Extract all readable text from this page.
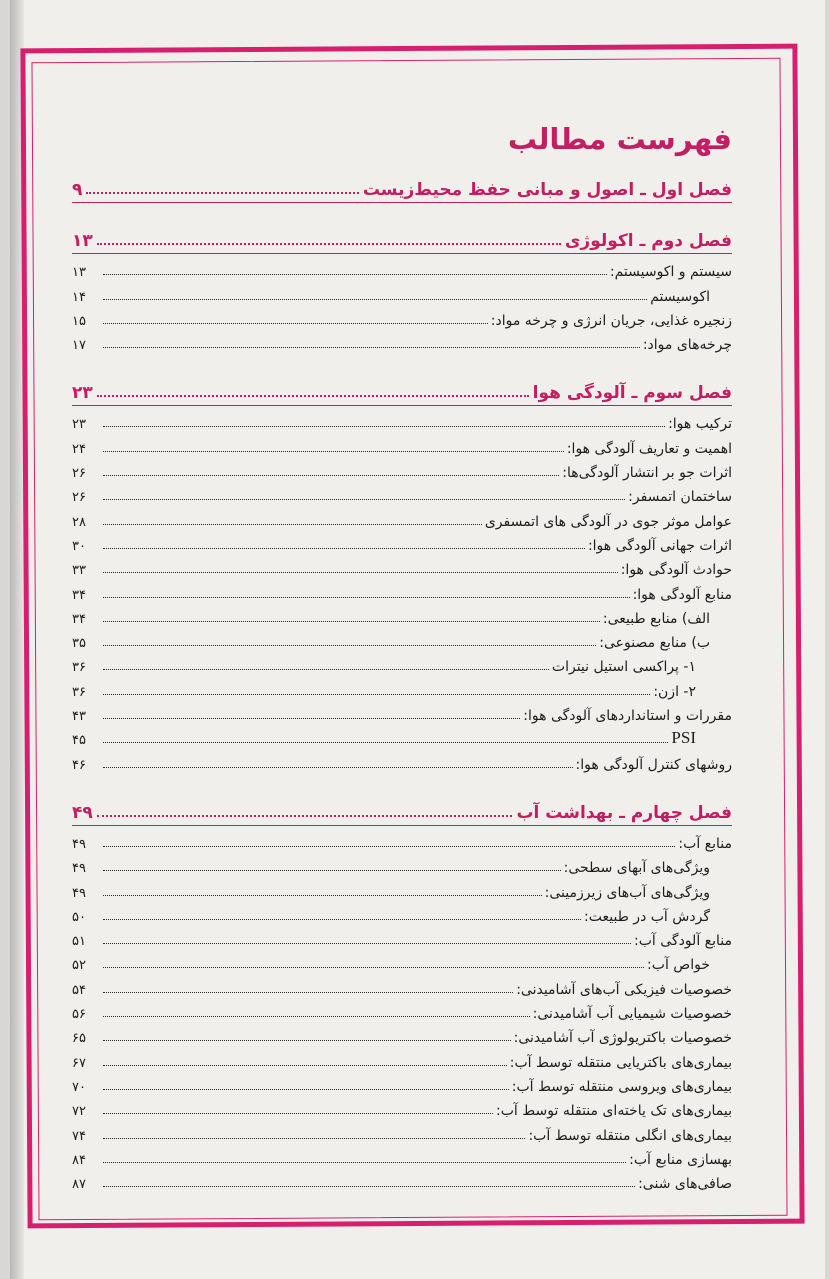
فهرست مطالب
فصل اول ـ اصول و مبانی حفظ محیط‌زیست
۹
فصل دوم ـ اکولوژی
۱۳
سیستم و اکوسیستم:
۱۳
اکوسیستم
۱۴
زنجیره غذایی، جریان انرژی و چرخه مواد:
۱۵
چرخه‌های مواد:
۱۷
فصل سوم ـ آلودگی هوا
۲۳
ترکیب هوا:
۲۳
اهمیت و تعاریف آلودگی هوا:
۲۴
اثرات جو بر انتشار آلودگی‌ها:
۲۶
ساختمان اتمسفر:
۲۶
عوامل موثر جوی در آلودگی های اتمسفری
۲۸
اثرات جهانی آلودگی هوا:
۳۰
حوادث آلودگی هوا:
۳۳
منابع آلودگی هوا:
۳۴
الف) منابع طبیعی:
۳۴
ب) منابع مصنوعی:
۳۵
۱- پراکسی استیل نیترات
۳۶
۲- ازن:
۳۶
مقررات و استانداردهای آلودگی هوا:
۴۳
PSI
۴۵
روشهای کنترل آلودگی هوا:
۴۶
فصل چهارم ـ بهداشت آب
۴۹
منابع آب:
۴۹
ویژگی‌های آبهای سطحی:
۴۹
ویژگی‌های آب‌های زیرزمینی:
۴۹
گردش آب در طبیعت:
۵۰
منابع آلودگی آب:
۵۱
خواص آب:
۵۲
خصوصیات فیزیکی آب‌های آشامیدنی:
۵۴
خصوصیات شیمیایی آب آشامیدنی:
۵۶
خصوصیات باکتریولوژی آب آشامیدنی:
۶۵
بیماری‌های باکتریایی منتقله توسط آب:
۶۷
بیماری‌های ویروسی منتقله توسط آب:
۷۰
بیماری‌های تک یاخته‌ای منتقله توسط آب:
۷۲
بیماری‌های انگلی منتقله توسط آب:
۷۴
بهسازی منابع آب:
۸۴
صافی‌های شنی:
۸۷
